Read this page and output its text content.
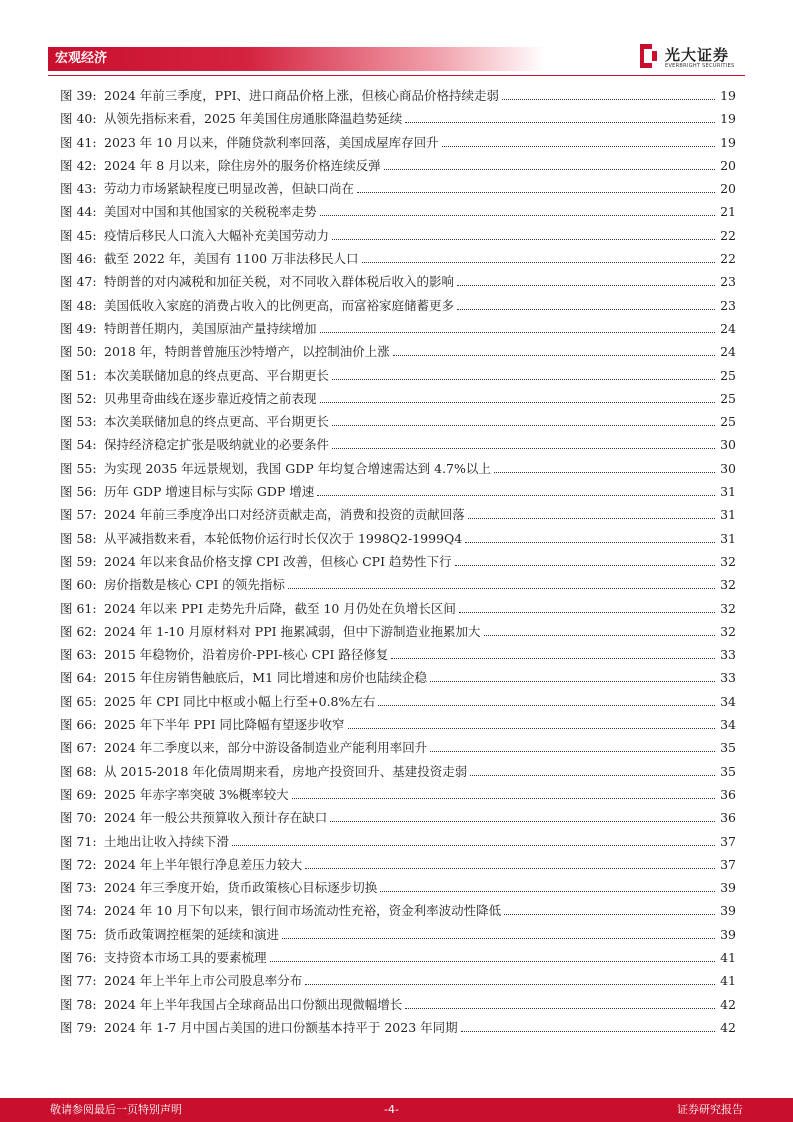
宏观经济	光大证券
EVERBRIGHT SECURITIES
图 39: 2024 年前三季度，PPI、进口商品价格上涨，但核心商品价格持续走弱	19
图 40: 从领先指标来看，2025 年美国住房通胀降温趋势延续	19
图 41: 2023 年 10 月以来，伴随贷款利率回落，美国成屋库存回升	19
图 42: 2024 年 8 月以来，除住房外的服务价格连续反弹	20
图 43: 劳动力市场紧缺程度已明显改善，但缺口尚在	20
图 44: 美国对中国和其他国家的关税税率走势	21
图 45: 疫情后移民人口流入大幅补充美国劳动力	22
图 46: 截至 2022 年，美国有 1100 万非法移民人口	22
图 47: 特朗普的对内减税和加征关税，对不同收入群体税后收入的影响	23
图 48: 美国低收入家庭的消费占收入的比例更高，而富裕家庭储蓄更多	23
图 49: 特朗普任期内，美国原油产量持续增加	24
图 50: 2018 年，特朗普曾施压沙特增产，以控制油价上涨	24
图 51: 本次美联储加息的终点更高、平台期更长	25
图 52: 贝弗里奇曲线在逐步靠近疫情之前表现	25
图 53: 本次美联储加息的终点更高、平台期更长	25
图 54: 保持经济稳定扩张是吸纳就业的必要条件	30
图 55: 为实现 2035 年远景规划，我国 GDP 年均复合增速需达到 4.7%以上	30
图 56: 历年 GDP 增速目标与实际 GDP 增速	31
图 57: 2024 年前三季度净出口对经济贡献走高，消费和投资的贡献回落	31
图 58: 从平减指数来看，本轮低物价运行时长仅次于 1998Q2-1999Q4	31
图 59: 2024 年以来食品价格支撑 CPI 改善，但核心 CPI 趋势性下行	32
图 60: 房价指数是核心 CPI 的领先指标	32
图 61: 2024 年以来 PPI 走势先升后降，截至 10 月仍处在负增长区间	32
图 62: 2024 年 1-10 月原材料对 PPI 拖累减弱，但中下游制造业拖累加大	32
图 63: 2015 年稳物价，沿着房价-PPI-核心 CPI 路径修复	33
图 64: 2015 年住房销售触底后，M1 同比增速和房价也陆续企稳	33
图 65: 2025 年 CPI 同比中枢或小幅上行至+0.8%左右	34
图 66: 2025 年下半年 PPI 同比降幅有望逐步收窄	34
图 67: 2024 年二季度以来，部分中游设备制造业产能利用率回升	35
图 68: 从 2015-2018 年化债周期来看，房地产投资回升、基建投资走弱	35
图 69: 2025 年赤字率突破 3%概率较大	36
图 70: 2024 年一般公共预算收入预计存在缺口	36
图 71: 土地出让收入持续下滑	37
图 72: 2024 年上半年银行净息差压力较大	37
图 73: 2024 年三季度开始，货币政策核心目标逐步切换	39
图 74: 2024 年 10 月下旬以来，银行间市场流动性充裕，资金利率波动性降低	39
图 75: 货币政策调控框架的延续和演进	39
图 76: 支持资本市场工具的要素梳理	41
图 77: 2024 年上半年上市公司股息率分布	41
图 78: 2024 年上半年我国占全球商品出口份额出现微幅增长	42
图 79: 2024 年 1-7 月中国占美国的进口份额基本持平于 2023 年同期	42
敬请参阅最后一页特别声明	-4-	证券研究报告
